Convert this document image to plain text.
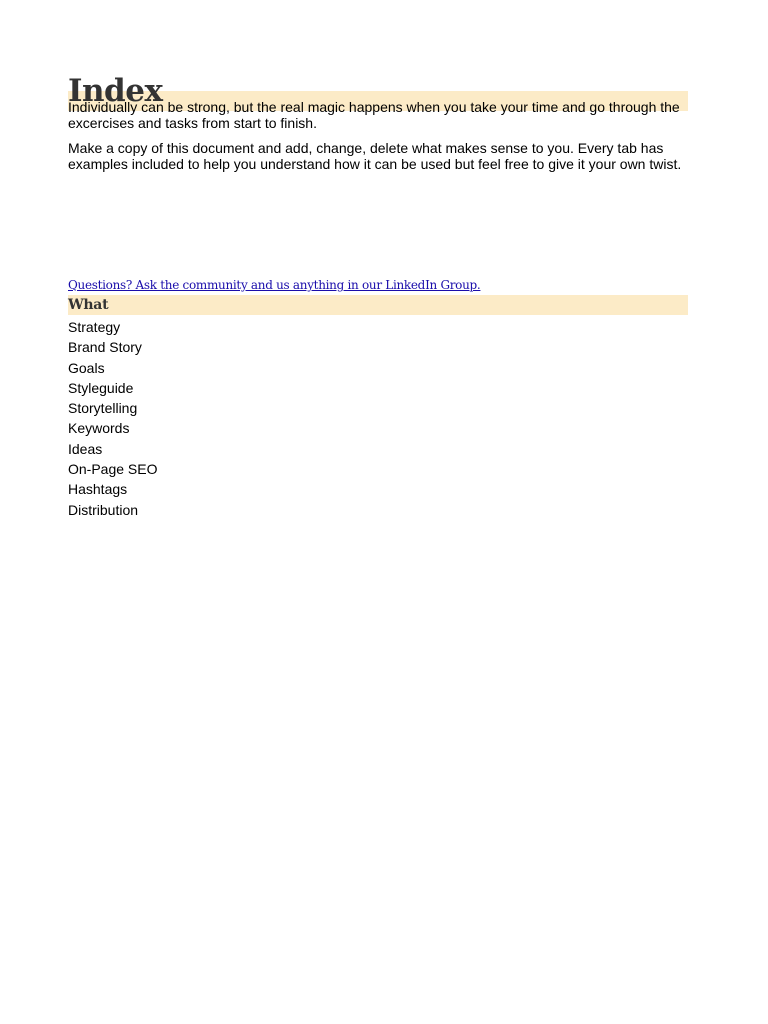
Index

Individually can be strong, but the real magic happens when you take your time and go through the excercises and tasks from start to finish.

Make a copy of this document and add, change, delete what makes sense to you. Every tab has examples included to help you understand how it can be used but feel free to give it your own twist.

Questions? Ask the community and us anything in our LinkedIn Group.
What
Strategy
Brand Story
Goals
Styleguide
Storytelling
Keywords
Ideas
On-Page SEO
Hashtags
Distribution
